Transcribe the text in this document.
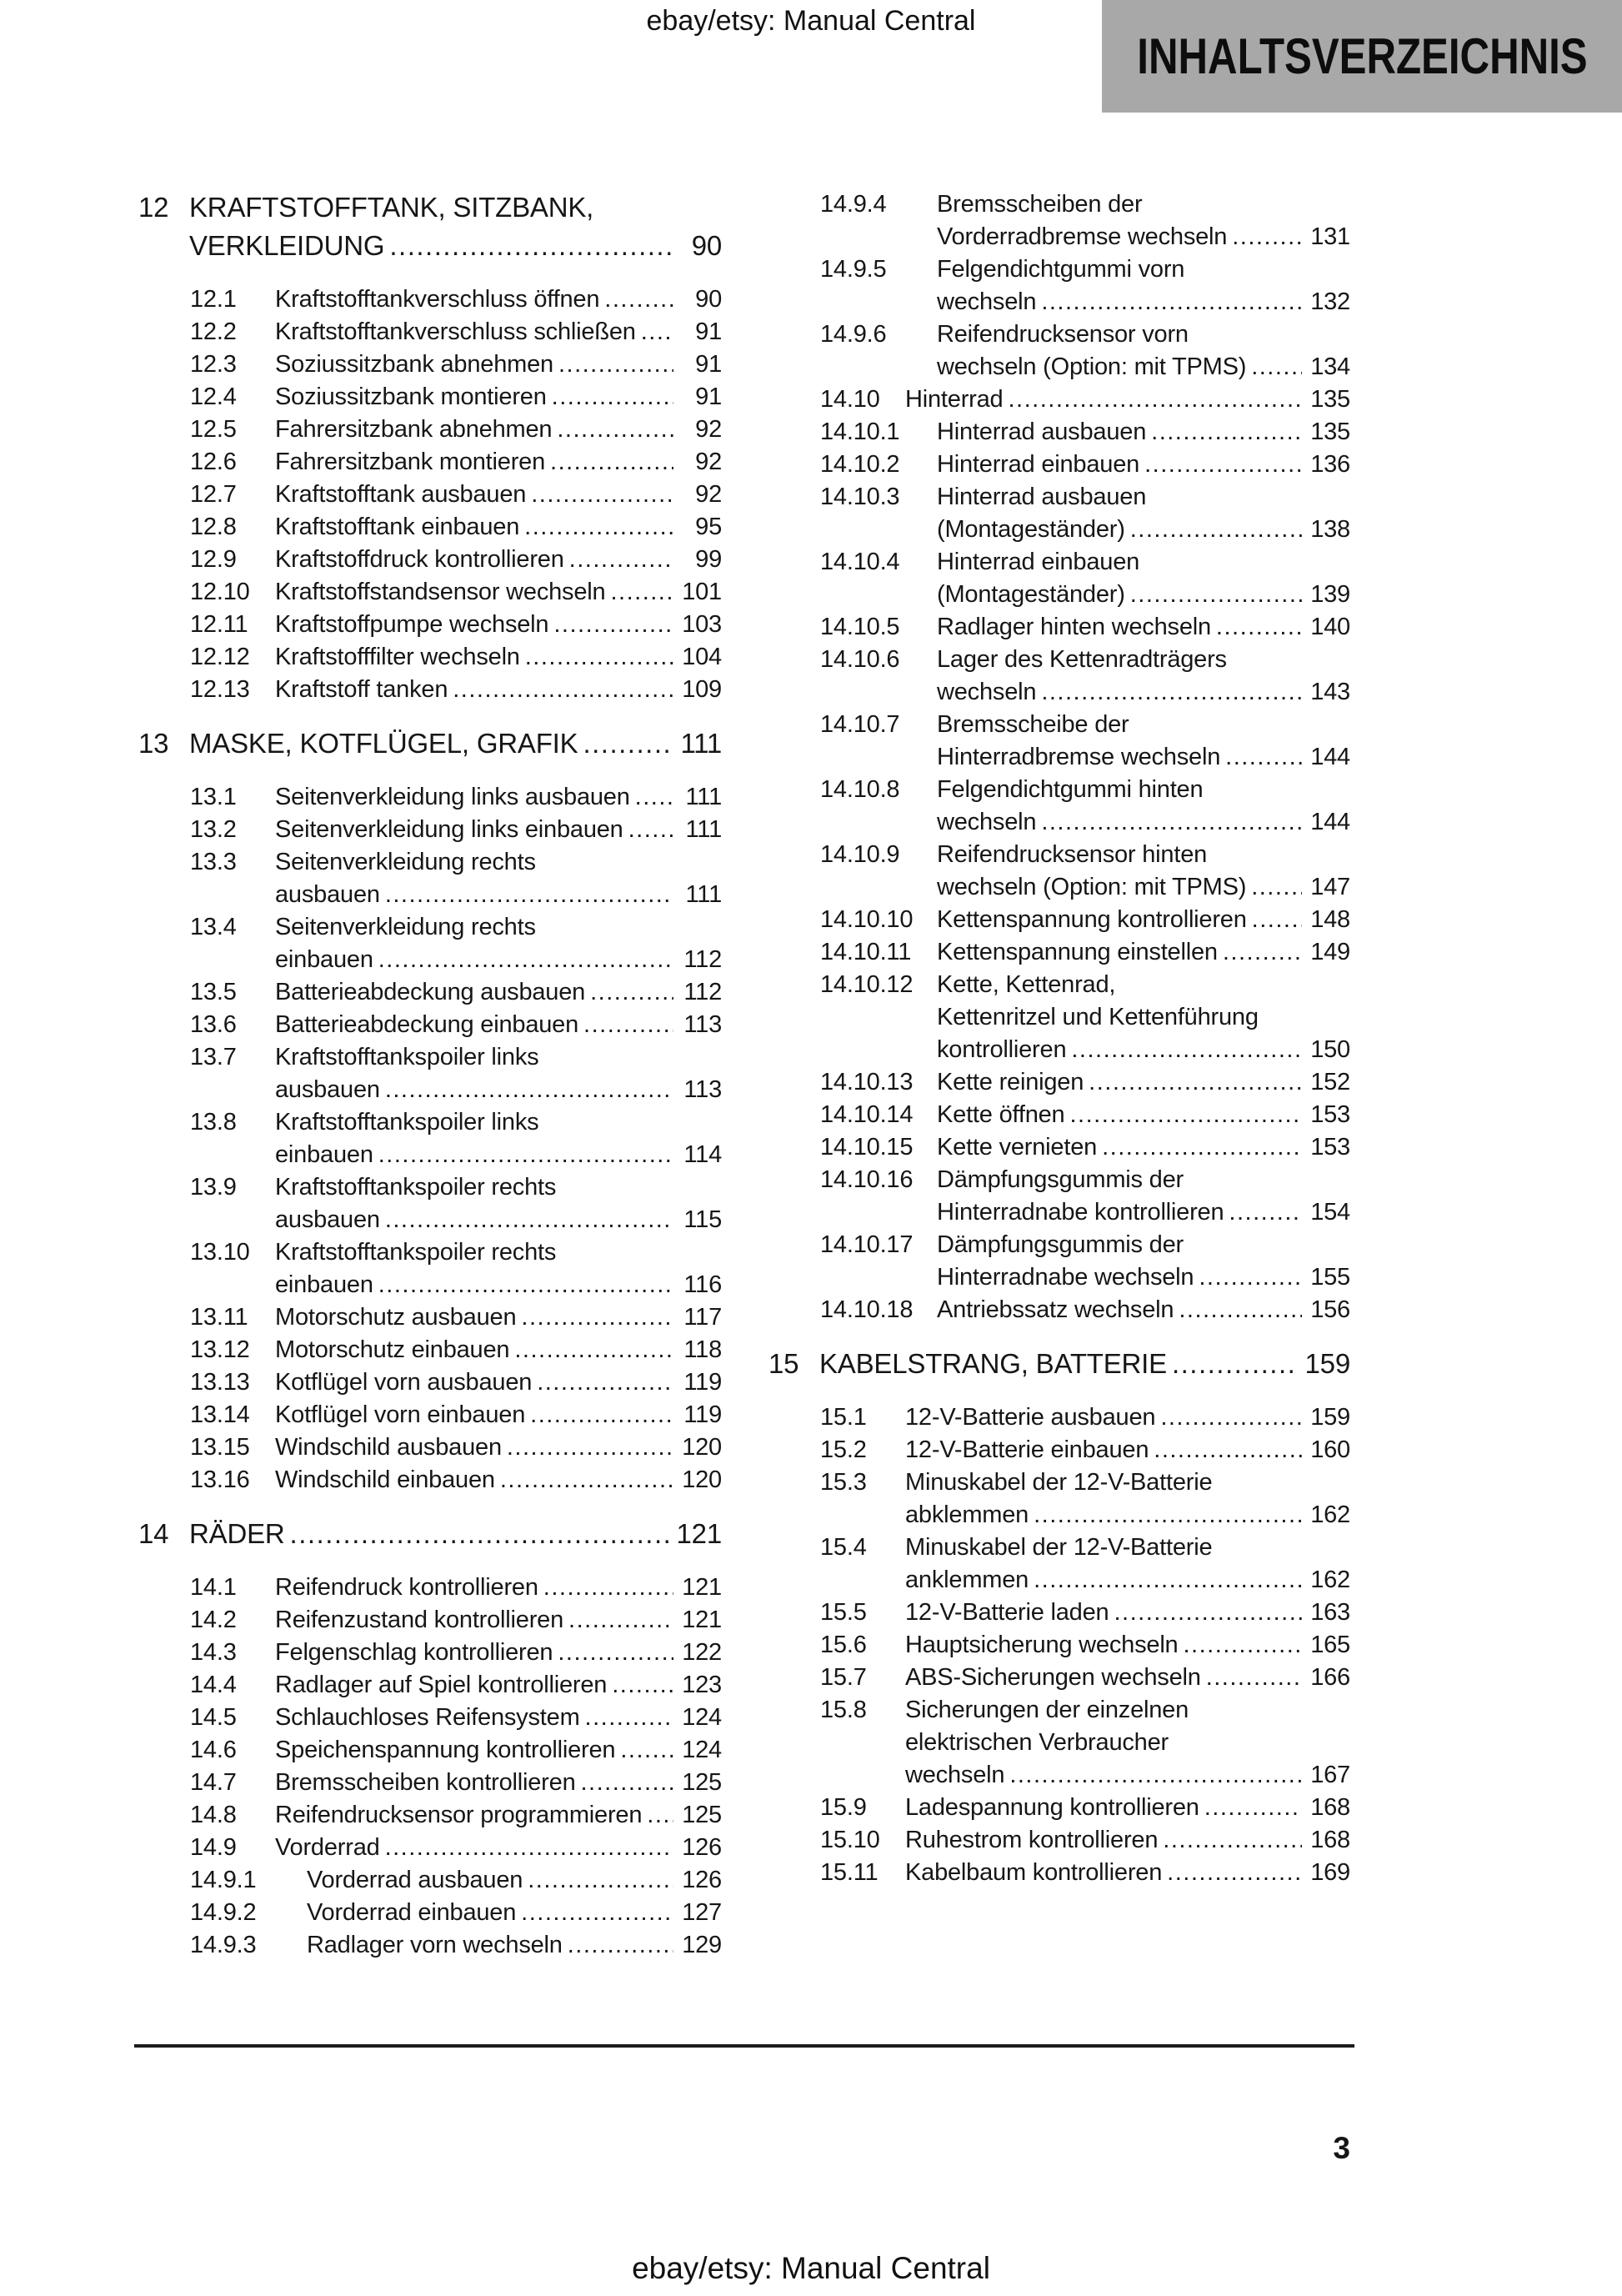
ebay/etsy: Manual Central
INHALTSVERZEICHNIS
12 KRAFTSTOFFTANK, SITZBANK,
VERKLEIDUNG .....	90
12.1	Kraftstofftankverschluss öffnen .....	90
12.2	Kraftstofftankverschluss schließen .....	91
12.3	Soziussitzbank abnehmen .....	91
12.4	Soziussitzbank montieren .....	91
12.5	Fahrersitzbank abnehmen .....	92
12.6	Fahrersitzbank montieren .....	92
12.7	Kraftstofftank ausbauen .....	92
12.8	Kraftstofftank einbauen .....	95
12.9	Kraftstoffdruck kontrollieren .....	99
12.10	Kraftstoffstandsensor wechseln .....	101
12.11	Kraftstoffpumpe wechseln .....	103
12.12	Kraftstofffilter wechseln .....	104
12.13	Kraftstoff tanken .....	109
13 MASKE, KOTFLÜGEL, GRAFIK .....	111
13.1	Seitenverkleidung links ausbauen ..... 111
13.2	Seitenverkleidung links einbauen .....	111
13.3	Seitenverkleidung rechts
ausbauen .....	111
13.4	Seitenverkleidung rechts
einbauen .....	112
13.5	Batterieabdeckung ausbauen .....	112
13.6	Batterieabdeckung einbauen .....	113
13.7	Kraftstofftankspoiler links
ausbauen .....	113
13.8	Kraftstofftankspoiler links
einbauen .....	114
13.9	Kraftstofftankspoiler rechts
ausbauen .....	115
13.10	Kraftstofftankspoiler rechts
einbauen .....	116
13.11	Motorschutz ausbauen .....	117
13.12	Motorschutz einbauen .....	118
13.13	Kotflügel vorn ausbauen .....	119
13.14	Kotflügel vorn einbauen .....	119
13.15	Windschild ausbauen .....	120
13.16	Windschild einbauen .....	120
14 RÄDER .....	121
14.1	Reifendruck kontrollieren .....	121
14.2	Reifenzustand kontrollieren .....	121
14.3	Felgenschlag kontrollieren .....	122
14.4	Radlager auf Spiel kontrollieren .....	123
14.5	Schlauchloses Reifensystem .....	124
14.6	Speichenspannung kontrollieren .....	124
14.7	Bremsscheiben kontrollieren .....	125
14.8	Reifendrucksensor programmieren ..... 125
14.9	Vorderrad .....	126
14.9.1	Vorderrad ausbauen .....	126
14.9.2	Vorderrad einbauen .....	127
14.9.3	Radlager vorn wechseln .....	129
14.9.4	Bremsscheiben der
Vorderradbremse wechseln .....	131
14.9.5	Felgendichtgummi vorn
wechseln .....	132
14.9.6	Reifendrucksensor vorn
wechseln (Option: mit TPMS) .....	134
14.10	Hinterrad .....	135
14.10.1	Hinterrad ausbauen .....	135
14.10.2	Hinterrad einbauen .....	136
14.10.3	Hinterrad ausbauen
(Montageständer) .....	138
14.10.4	Hinterrad einbauen
(Montageständer) .....	139
14.10.5	Radlager hinten wechseln .....	140
14.10.6	Lager des Kettenradträgers
wechseln .....	143
14.10.7	Bremsscheibe der
Hinterradbremse wechseln .....	144
14.10.8	Felgendichtgummi hinten
wechseln .....	144
14.10.9	Reifendrucksensor hinten
wechseln (Option: mit TPMS) .....	147
14.10.10 Kettenspannung kontrollieren .....	148
14.10.11	Kettenspannung einstellen .....	149
14.10.12 Kette, Kettenrad,
Kettenritzel und Kettenführung
kontrollieren .....	150
14.10.13 Kette reinigen .....	152
14.10.14 Kette öffnen .....	153
14.10.15 Kette vernieten .....	153
14.10.16 Dämpfungsgummis der
Hinterradnabe kontrollieren .....	154
14.10.17 Dämpfungsgummis der
Hinterradnabe wechseln .....	155
14.10.18 Antriebssatz wechseln .....	156
15 KABELSTRANG, BATTERIE .....	159
15.1	12-V-Batterie ausbauen .....	159
15.2	12-V-Batterie einbauen .....	160
15.3	Minuskabel der 12-V-Batterie
abklemmen .....	162
15.4	Minuskabel der 12-V-Batterie
anklemmen .....	162
15.5	12-V-Batterie laden .....	163
15.6	Hauptsicherung wechseln .....	165
15.7	ABS-Sicherungen wechseln .....	166
15.8	Sicherungen der einzelnen
elektrischen Verbraucher
wechseln .....	167
15.9	Ladespannung kontrollieren .....	168
15.10	Ruhestrom kontrollieren .....	168
15.11	Kabelbaum kontrollieren .....	169
3
ebay/etsy: Manual Central
